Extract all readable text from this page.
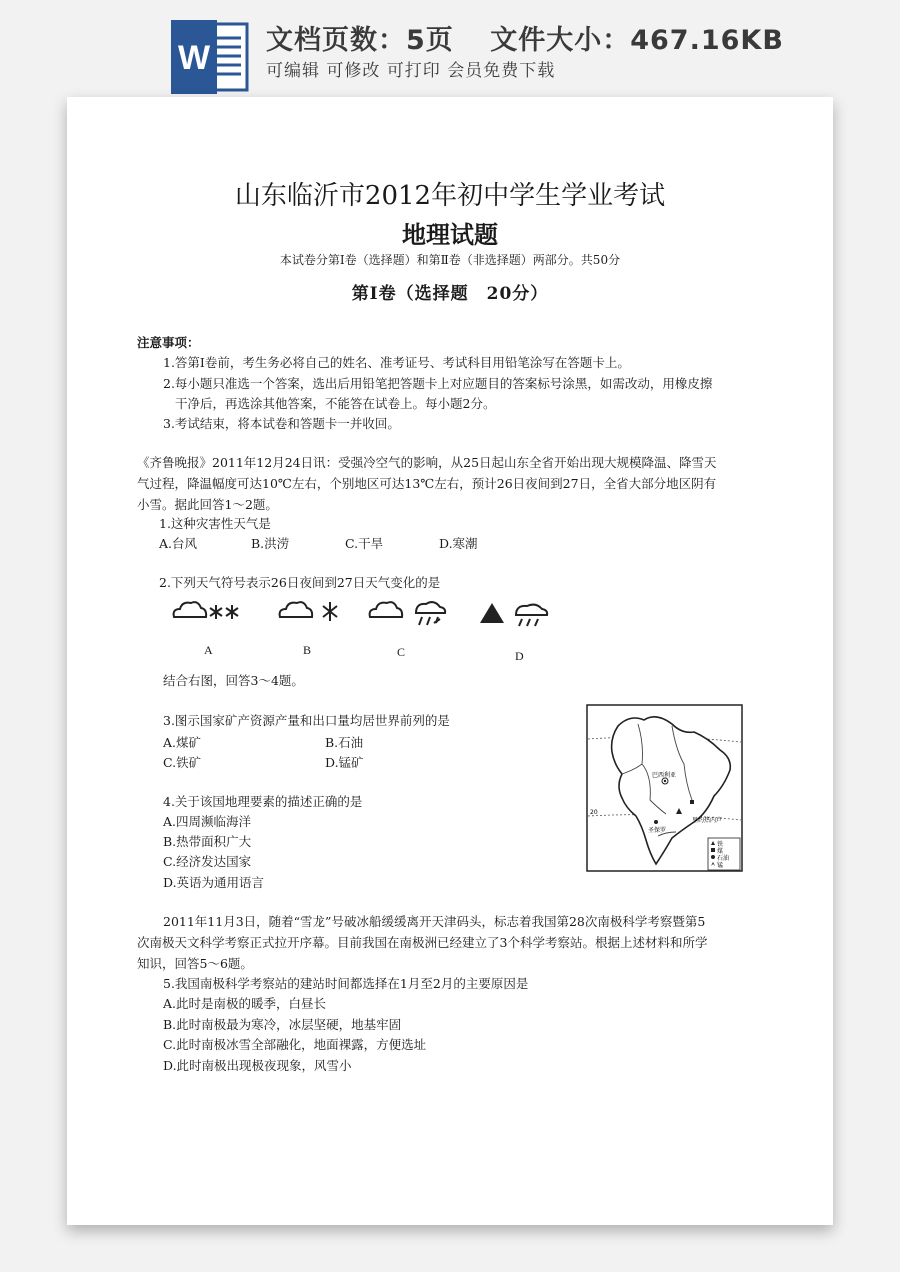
W 文档页数：5页 文件大小：467.16KB
可编辑 可修改 可打印 会员免费下载
山东临沂市2012年初中学生学业考试
地理试题
本试卷分第Ⅰ卷（选择题）和第Ⅱ卷（非选择题）两部分。共50分
第Ⅰ卷（选择题　20分）
注意事项：
1.答第Ⅰ卷前，考生务必将自己的姓名、准考证号、考试科目用铅笔涂写在答题卡上。
2.每小题只准选一个答案，选出后用铅笔把答题卡上对应题目的答案标号涂黑，如需改动，用橡皮擦
干净后，再选涂其他答案，不能答在试卷上。每小题2分。
3.考试结束，将本试卷和答题卡一并收回。
《齐鲁晚报》2011年12月24日讯：受强冷空气的影响，从25日起山东全省开始出现大规模降温、降雪天
气过程，降温幅度可达10℃左右，个别地区可达13℃左右，预计26日夜间到27日，全省大部分地区阴有
小雪。据此回答1～2题。
1.这种灾害性天气是
A.台风	B.洪涝	C.干旱	D.寒潮
2.下列天气符号表示26日夜间到27日天气变化的是
A	B	C	D
结合右图，回答3～4题。
3.图示国家矿产资源产量和出口量均居世界前列的是
A.煤矿	B.石油
C.铁矿	D.锰矿
4.关于该国地理要素的描述正确的是
A.四周濒临海洋
B.热带面积广大
C.经济发达国家
D.英语为通用语言
铁
煤
石油
锰
巴西利亚
里约热内卢
圣保罗
20
2011年11月3日，随着“雪龙”号破冰船缓缓离开天津码头，标志着我国第28次南极科学考察暨第5
次南极天文科学考察正式拉开序幕。目前我国在南极洲已经建立了3个科学考察站。根据上述材料和所学
知识，回答5～6题。
5.我国南极科学考察站的建站时间都选择在1月至2月的主要原因是
A.此时是南极的暖季，白昼长
B.此时南极最为寒冷，冰层坚硬，地基牢固
C.此时南极冰雪全部融化，地面裸露，方便选址
D.此时南极出现极夜现象，风雪小
